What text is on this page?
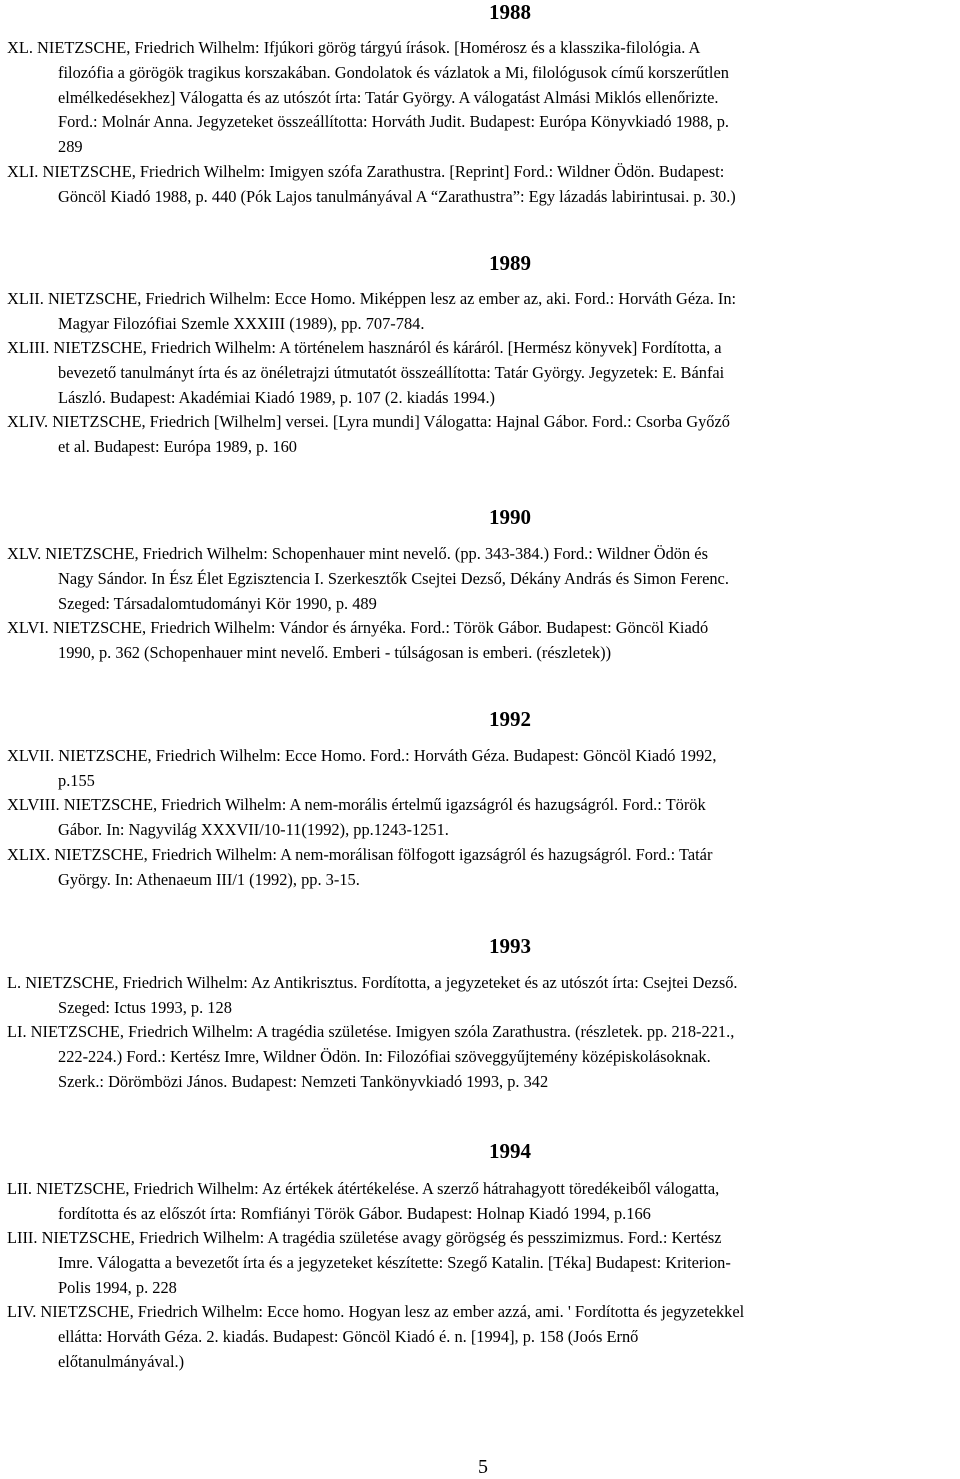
1988
XL. NIETZSCHE, Friedrich Wilhelm: Ifjúkori görög tárgyú írások. [Homérosz és a klasszika-filológia. A
filozófia a görögök tragikus korszakában. Gondolatok és vázlatok a Mi, filológusok című korszerűtlen
elmélkedésekhez] Válogatta és az utószót írta: Tatár György. A válogatást Almási Miklós ellenőrizte.
Ford.: Molnár Anna. Jegyzeteket összeállította: Horváth Judit. Budapest: Európa Könyvkiadó 1988, p.
289
XLI. NIETZSCHE, Friedrich Wilhelm: Imigyen szófa Zarathustra. [Reprint] Ford.: Wildner Ödön. Budapest:
Göncöl Kiadó 1988, p. 440 (Pók Lajos tanulmányával A “Zarathustra”: Egy lázadás labirintusai. p. 30.)
1989
XLII. NIETZSCHE, Friedrich Wilhelm: Ecce Homo. Miképpen lesz az ember az, aki. Ford.: Horváth Géza. In:
Magyar Filozófiai Szemle XXXIII (1989), pp. 707-784.
XLIII. NIETZSCHE, Friedrich Wilhelm: A történelem hasznáról és káráról. [Hermész könyvek] Fordította, a
bevezető tanulmányt írta és az önéletrajzi útmutatót összeállította: Tatár György. Jegyzetek: E. Bánfai
László. Budapest: Akadémiai Kiadó 1989, p. 107 (2. kiadás 1994.)
XLIV. NIETZSCHE, Friedrich [Wilhelm] versei. [Lyra mundi] Válogatta: Hajnal Gábor. Ford.: Csorba Győző
et al. Budapest: Európa 1989, p. 160
1990
XLV. NIETZSCHE, Friedrich Wilhelm: Schopenhauer mint nevelő. (pp. 343-384.) Ford.: Wildner Ödön és
Nagy Sándor. In Ész Élet Egzisztencia I. Szerkesztők Csejtei Dezső, Dékány András és Simon Ferenc.
Szeged: Társadalomtudományi Kör 1990, p. 489
XLVI. NIETZSCHE, Friedrich Wilhelm: Vándor és árnyéka. Ford.: Török Gábor. Budapest: Göncöl Kiadó
1990, p. 362 (Schopenhauer mint nevelő. Emberi - túlságosan is emberi. (részletek))
1992
XLVII. NIETZSCHE, Friedrich Wilhelm: Ecce Homo. Ford.: Horváth Géza. Budapest: Göncöl Kiadó 1992,
p.155
XLVIII. NIETZSCHE, Friedrich Wilhelm: A nem-morális értelmű igazságról és hazugságról. Ford.: Török
Gábor. In: Nagyvilág XXXVII/10-11(1992), pp.1243-1251.
XLIX. NIETZSCHE, Friedrich Wilhelm: A nem-morálisan fölfogott igazságról és hazugságról. Ford.: Tatár
György. In: Athenaeum III/1 (1992), pp. 3-15.
1993
L. NIETZSCHE, Friedrich Wilhelm: Az Antikrisztus. Fordította, a jegyzeteket és az utószót írta: Csejtei Dezső.
Szeged: Ictus 1993, p. 128
LI. NIETZSCHE, Friedrich Wilhelm: A tragédia születése. Imigyen szóla Zarathustra. (részletek. pp. 218-221.,
222-224.) Ford.: Kertész Imre, Wildner Ödön. In: Filozófiai szöveggyűjtemény középiskolásoknak.
Szerk.: Dörömbözi János. Budapest: Nemzeti Tankönyvkiadó 1993, p. 342
1994
LII. NIETZSCHE, Friedrich Wilhelm: Az értékek átértékelése. A szerző hátrahagyott töredékeiből válogatta,
fordította és az előszót írta: Romfiányi Török Gábor. Budapest: Holnap Kiadó 1994, p.166
LIII. NIETZSCHE, Friedrich Wilhelm: A tragédia születése avagy görögség és pesszimizmus. Ford.: Kertész
Imre. Válogatta a bevezetőt írta és a jegyzeteket készítette: Szegő Katalin. [Téka] Budapest: Kriterion-
Polis 1994, p. 228
LIV. NIETZSCHE, Friedrich Wilhelm: Ecce homo. Hogyan lesz az ember azzá, ami. ' Fordította és jegyzetekkel
ellátta: Horváth Géza. 2. kiadás. Budapest: Göncöl Kiadó é. n. [1994], p. 158 (Joós Ernő
előtanulmányával.)
5
